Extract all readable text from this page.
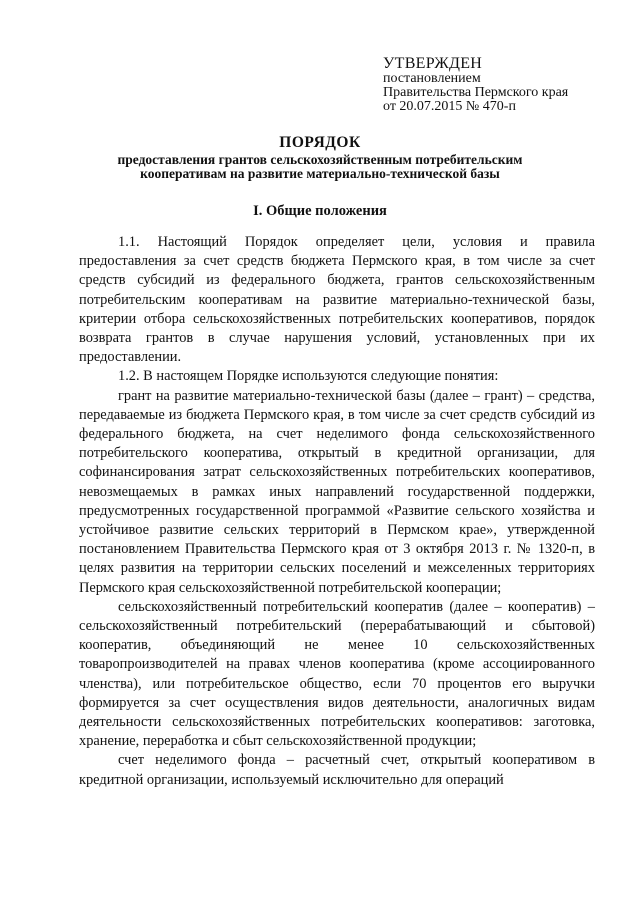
УТВЕРЖДЕН
постановлением
Правительства Пермского края
от 20.07.2015 № 470-п
ПОРЯДОК
предоставления грантов сельскохозяйственным потребительским кооперативам на развитие материально-технической базы
I. Общие положения

1.1. Настоящий Порядок определяет цели, условия и правила предоставления за счет средств бюджета Пермского края, в том числе за счет средств субсидий из федерального бюджета, грантов сельскохозяйственным потребительским кооперативам на развитие материально-технической базы, критерии отбора сельскохозяйственных потребительских кооперативов, порядок возврата грантов в случае нарушения условий, установленных при их предоставлении.

1.2. В настоящем Порядке используются следующие понятия:

грант на развитие материально-технической базы (далее – грант) – средства, передаваемые из бюджета Пермского края, в том числе за счет средств субсидий из федерального бюджета, на счет неделимого фонда сельскохозяйственного потребительского кооператива, открытый в кредитной организации, для софинансирования затрат сельскохозяйственных потребительских кооперативов, невозмещаемых в рамках иных направлений государственной поддержки, предусмотренных государственной программой «Развитие сельского хозяйства и устойчивое развитие сельских территорий в Пермском крае», утвержденной постановлением Правительства Пермского края от 3 октября 2013 г. № 1320-п, в целях развития на территории сельских поселений и межселенных территориях Пермского края сельскохозяйственной потребительской кооперации;

сельскохозяйственный потребительский кооператив (далее – кооператив) – сельскохозяйственный потребительский (перерабатывающий и сбытовой) кооператив, объединяющий не менее 10 сельскохозяйственных товаропроизводителей на правах членов кооператива (кроме ассоциированного членства), или потребительское общество, если 70 процентов его выручки формируется за счет осуществления видов деятельности, аналогичных видам деятельности сельскохозяйственных потребительских кооперативов: заготовка, хранение, переработка и сбыт сельскохозяйственной продукции;

счет неделимого фонда – расчетный счет, открытый кооперативом в кредитной организации, используемый исключительно для операций
